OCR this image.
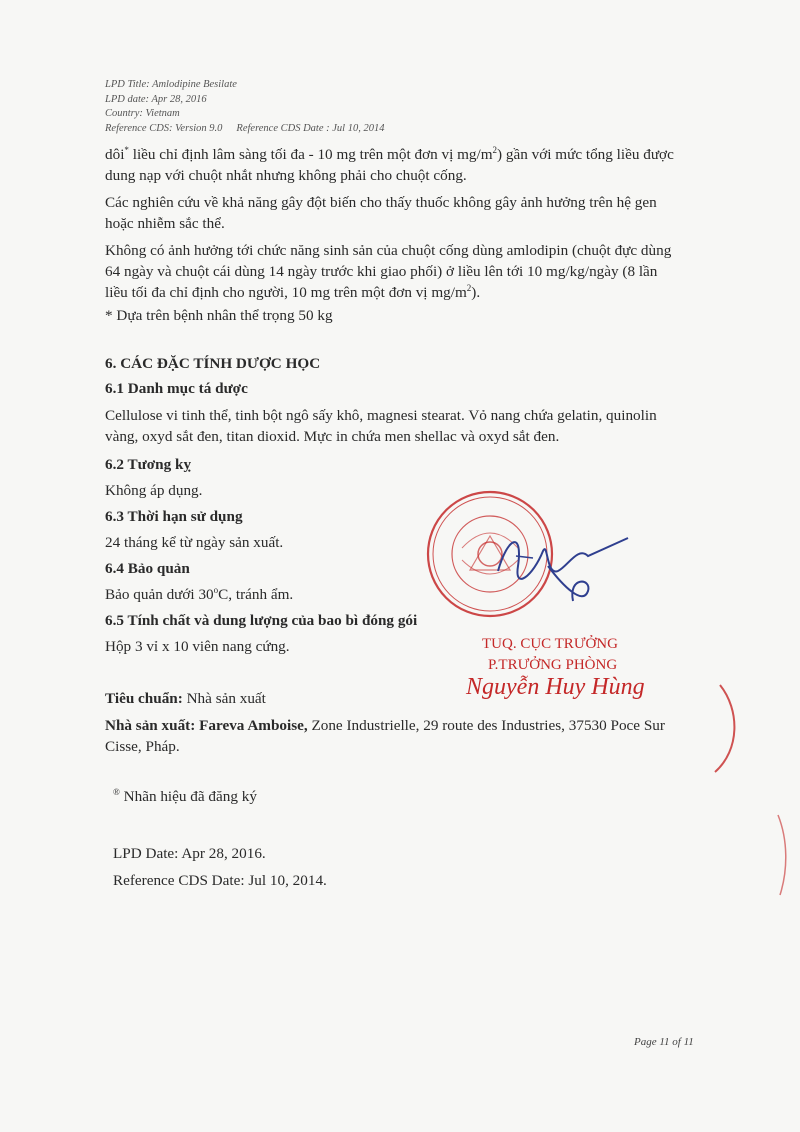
LPD Title: Amlodipine Besilate
LPD date: Apr 28, 2016
Country: Vietnam
Reference CDS: Version 9.0 Reference CDS Date : Jul 10, 2014
dôi* liều chỉ định lâm sàng tối đa - 10 mg trên một đơn vị $mg/m^2$) gần với mức tổng liều được
dung nạp với chuột nhắt nhưng không phải cho chuột cống.
Các nghiên cứu về khả năng gây đột biến cho thấy thuốc không gây ảnh hưởng trên hệ gen
hoặc nhiễm sắc thể.
Không có ảnh hưởng tới chức năng sinh sản của chuột cống dùng amlodipin (chuột đực dùng
64 ngày và chuột cái dùng 14 ngày trước khi giao phối) ở liều lên tới 10 mg/kg/ngày (8 lần
liều tối đa chỉ định cho người, 10 mg trên một đơn vị $mg/m^2$).
* Dựa trên bệnh nhân thể trọng 50 kg
6. CÁC ĐẶC TÍNH DƯỢC HỌC
6.1 Danh mục tá dược
Cellulose vi tinh thể, tinh bột ngô sấy khô, magnesi stearat. Vỏ nang chứa gelatin, quinolin
vàng, oxyd sắt đen, titan dioxid. Mực in chứa men shellac và oxyd sắt đen.
6.2 Tương kỵ
Không áp dụng.
6.3 Thời hạn sử dụng
24 tháng kể từ ngày sản xuất.
6.4 Bảo quản
Bảo quản dưới 30$^o$C, tránh ẩm.
6.5 Tính chất và dung lượng của bao bì đóng gói
Hộp 3 vỉ x 10 viên nang cứng.
Tiêu chuẩn: Nhà sản xuất
Nhà sản xuất: Fareva Amboise, Zone Industrielle, 29 route des Industries, 37530 Poce Sur
Cisse, Pháp.
® Nhãn hiệu đã đăng ký
LPD Date: Apr 28, 2016.
Reference CDS Date: Jul 10, 2014.
TUQ. CỤC TRƯỞNG
P.TRƯỞNG PHÒNG
Nguyễn Huy Hùng
Page 11 of 11
